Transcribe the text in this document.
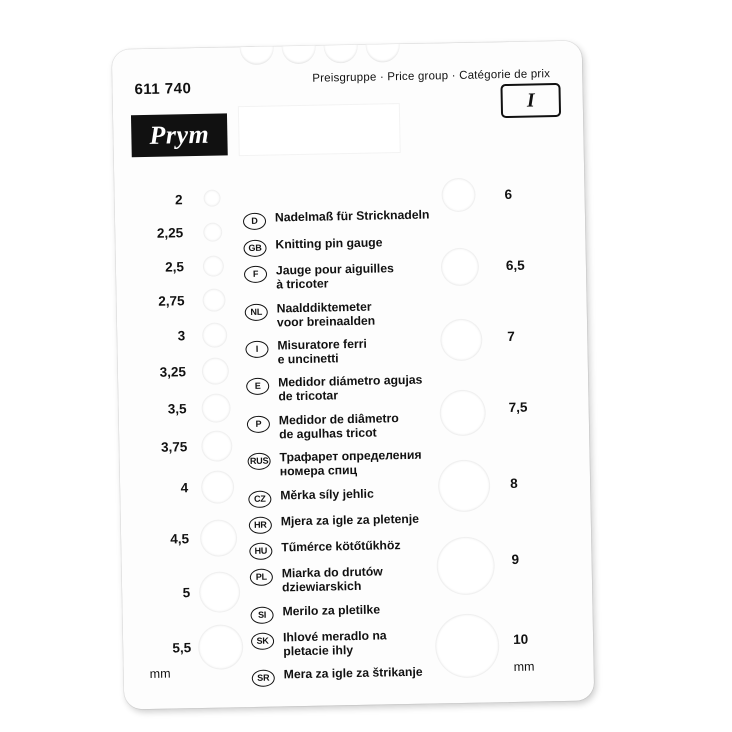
611 740
Preisgruppe · Price group · Catégorie de prix
I
Prym
2
2,25
2,5
2,75
3
3,25
3,5
3,75
4
4,5
5
5,5
mm
6
6,5
7
7,5
8
9
10
mm
D	Nadelmaß für Stricknadeln
GB	Knitting pin gauge
F	Jauge pour aiguilles
à tricoter
NL	Naalddiktemeter
voor breinaalden
I	Misuratore ferri
e uncinetti
E	Medidor diámetro agujas
de tricotar
P	Medidor de diâmetro
de agulhas tricot
RUS Трафарет определения
номера спиц
CZ	Měrka síly jehlic
HR	Mjera za igle za pletenje
HU	Tűmérce kötőtűkhöz
PL	Miarka do drutów
dziewiarskich
SI	Merilo za pletilke
SK	Ihlové meradlo na
pletacie ihly
SR	Mera za igle za štrikanje
